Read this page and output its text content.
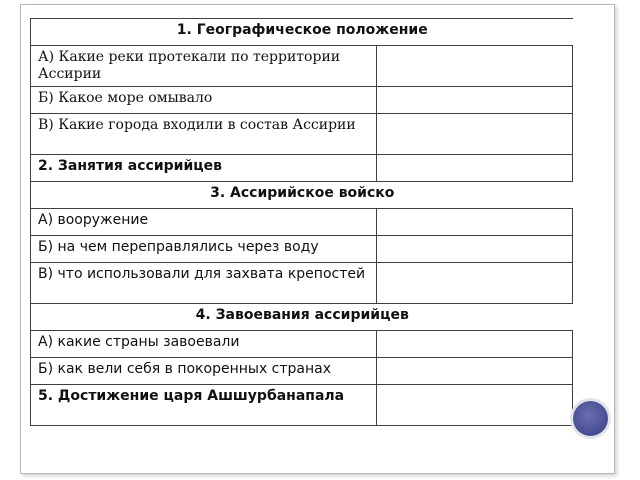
1. Географическое положение	
А) Какие реки протекали по территории Ассирии	
Б) Какое море омывало	
В) Какие города входили в состав Ассирии	
2. Занятия ассирийцев	
3. Ассирийское войско	
А) вооружение	
Б) на чем переправлялись через воду	
В) что использовали для захвата крепостей	
4. Завоевания ассирийцев	
А) какие страны завоевали	
Б) как вели себя в покоренных странах	
5. Достижение царя Ашшурбанапала	
